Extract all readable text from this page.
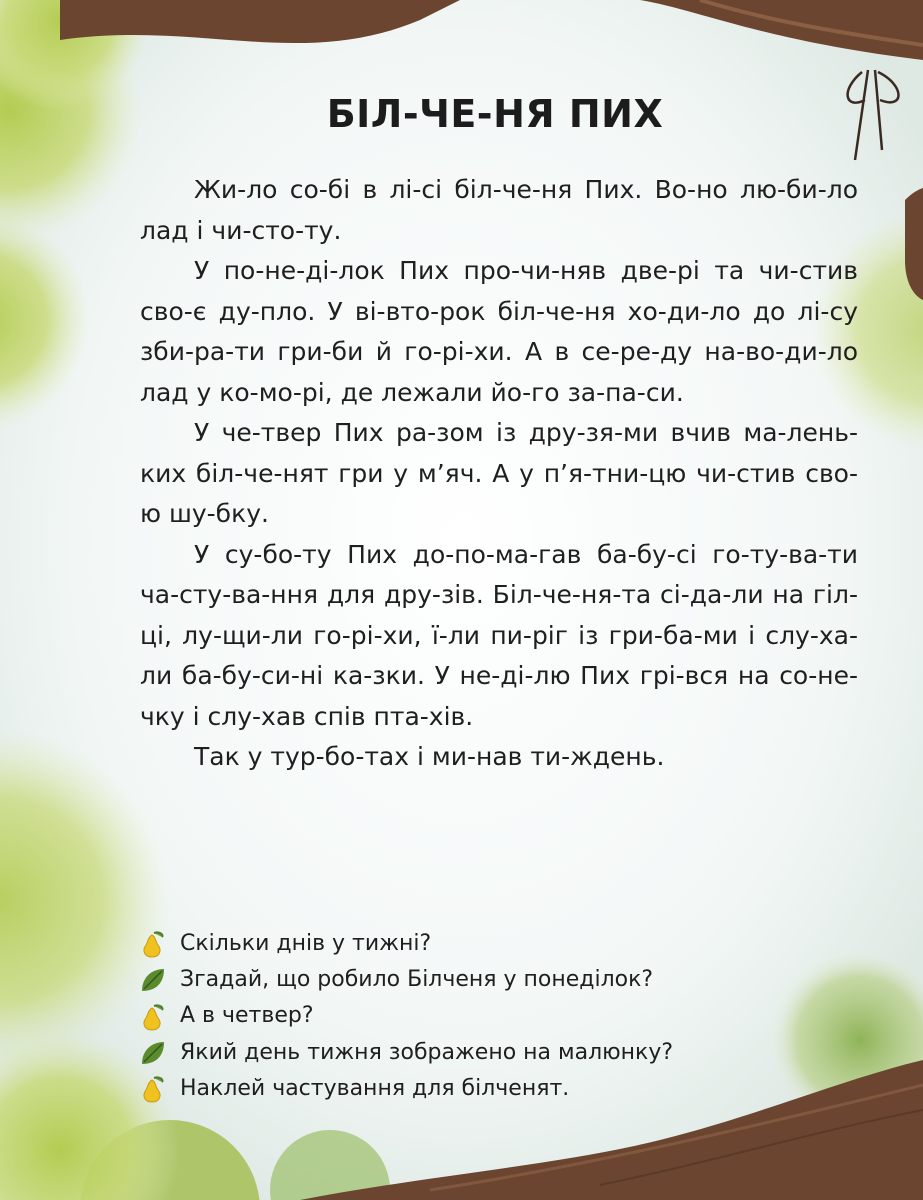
БІЛ-ЧЕ-НЯ ПИХ

Жи-ло со-бі в лі-сі біл-че-ня Пих. Во-но лю-би-ло лад і чи-сто-ту.

У по-не-ді-лок Пих про-чи-няв две-рі та чи-стив сво-є ду-пло. У ві-вто-рок біл-че-ня хо-ди-ло до лі-су зби-ра-ти гри-би й го-рі-хи. А в се-ре-ду на-во-ди-ло лад у ко-мо-рі, де лежали йо-го за-па-си.

У че-твер Пих ра-зом із дру-зя-ми вчив ма-лень-ких біл-че-нят гри у м’яч. А у п’я-тни-цю чи-стив сво-ю шу-бку.

У су-бо-ту Пих до-по-ма-гав ба-бу-сі го-ту-ва-ти ча-сту-ва-ння для дру-зів. Біл-че-ня-та сі-да-ли на гіл-ці, лу-щи-ли го-рі-хи, ї-ли пи-ріг із гри-ба-ми і слу-ха-ли ба-бу-си-ні ка-зки. У не-ді-лю Пих грі-вся на со-не-чку і слу-хав спів пта-хів.

Так у тур-бо-тах і ми-нав ти-ждень.

Скільки днів у тижні?
Згадай, що робило Білченя у понеділок?
А в четвер?
Який день тижня зображено на малюнку?
Наклей частування для білченят.
